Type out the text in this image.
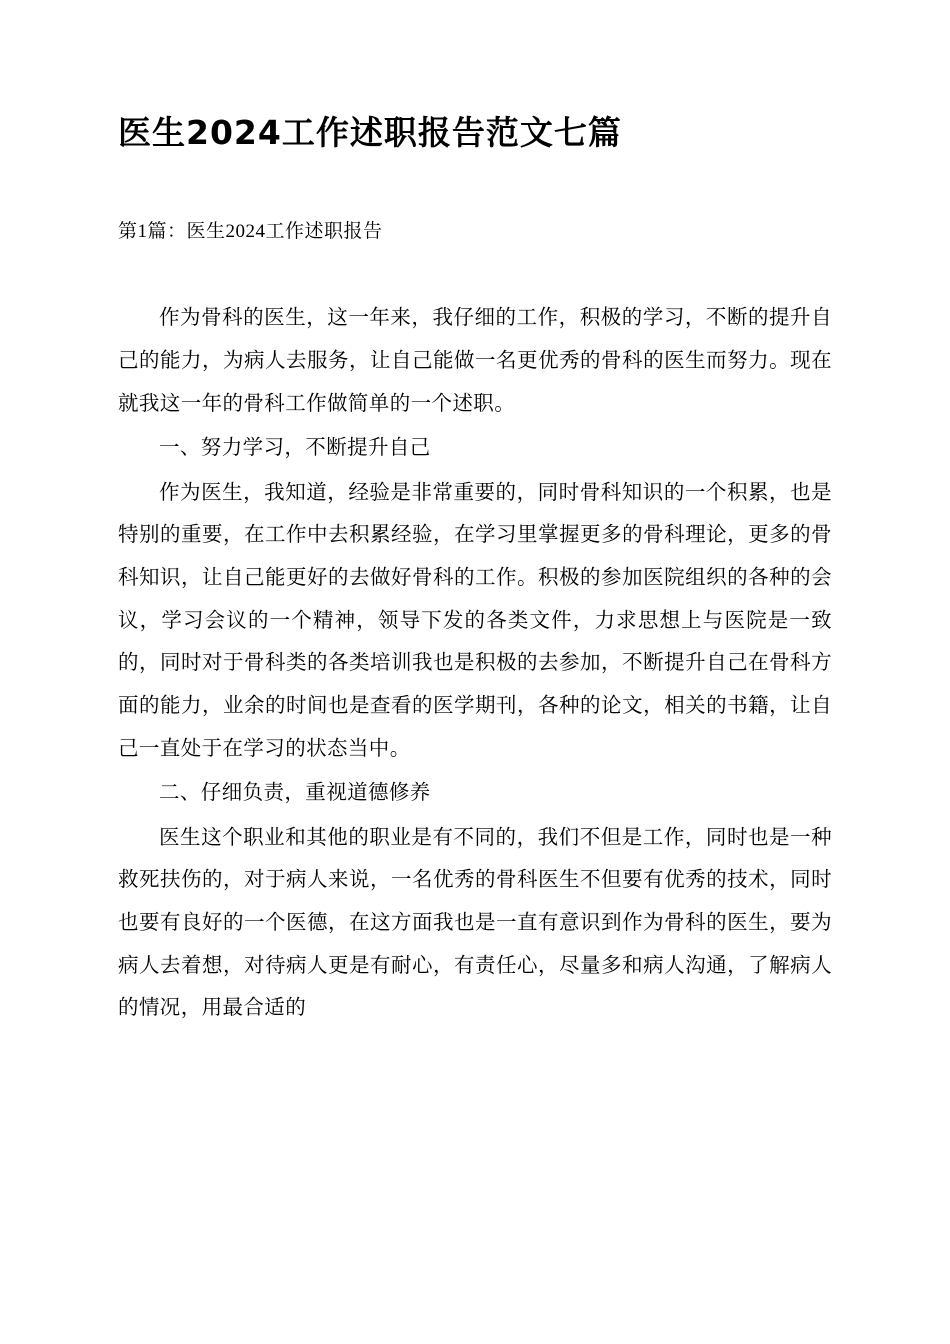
医生2024工作述职报告范文七篇
第1篇：医生2024工作述职报告

作为骨科的医生，这一年来，我仔细的工作，积极的学习，不断的提升自己的能力，为病人去服务，让自己能做一名更优秀的骨科的医生而努力。现在就我这一年的骨科工作做简单的一个述职。

一、努力学习，不断提升自己

作为医生，我知道，经验是非常重要的，同时骨科知识的一个积累，也是特别的重要，在工作中去积累经验，在学习里掌握更多的骨科理论，更多的骨科知识，让自己能更好的去做好骨科的工作。积极的参加医院组织的各种的会议，学习会议的一个精神，领导下发的各类文件，力求思想上与医院是一致的，同时对于骨科类的各类培训我也是积极的去参加，不断提升自己在骨科方面的能力，业余的时间也是查看的医学期刊，各种的论文，相关的书籍，让自己一直处于在学习的状态当中。

二、仔细负责，重视道德修养

医生这个职业和其他的职业是有不同的，我们不但是工作，同时也是一种救死扶伤的，对于病人来说，一名优秀的骨科医生不但要有优秀的技术，同时也要有良好的一个医德，在这方面我也是一直有意识到作为骨科的医生，要为病人去着想，对待病人更是有耐心，有责任心，尽量多和病人沟通，了解病人的情况，用最合适的
